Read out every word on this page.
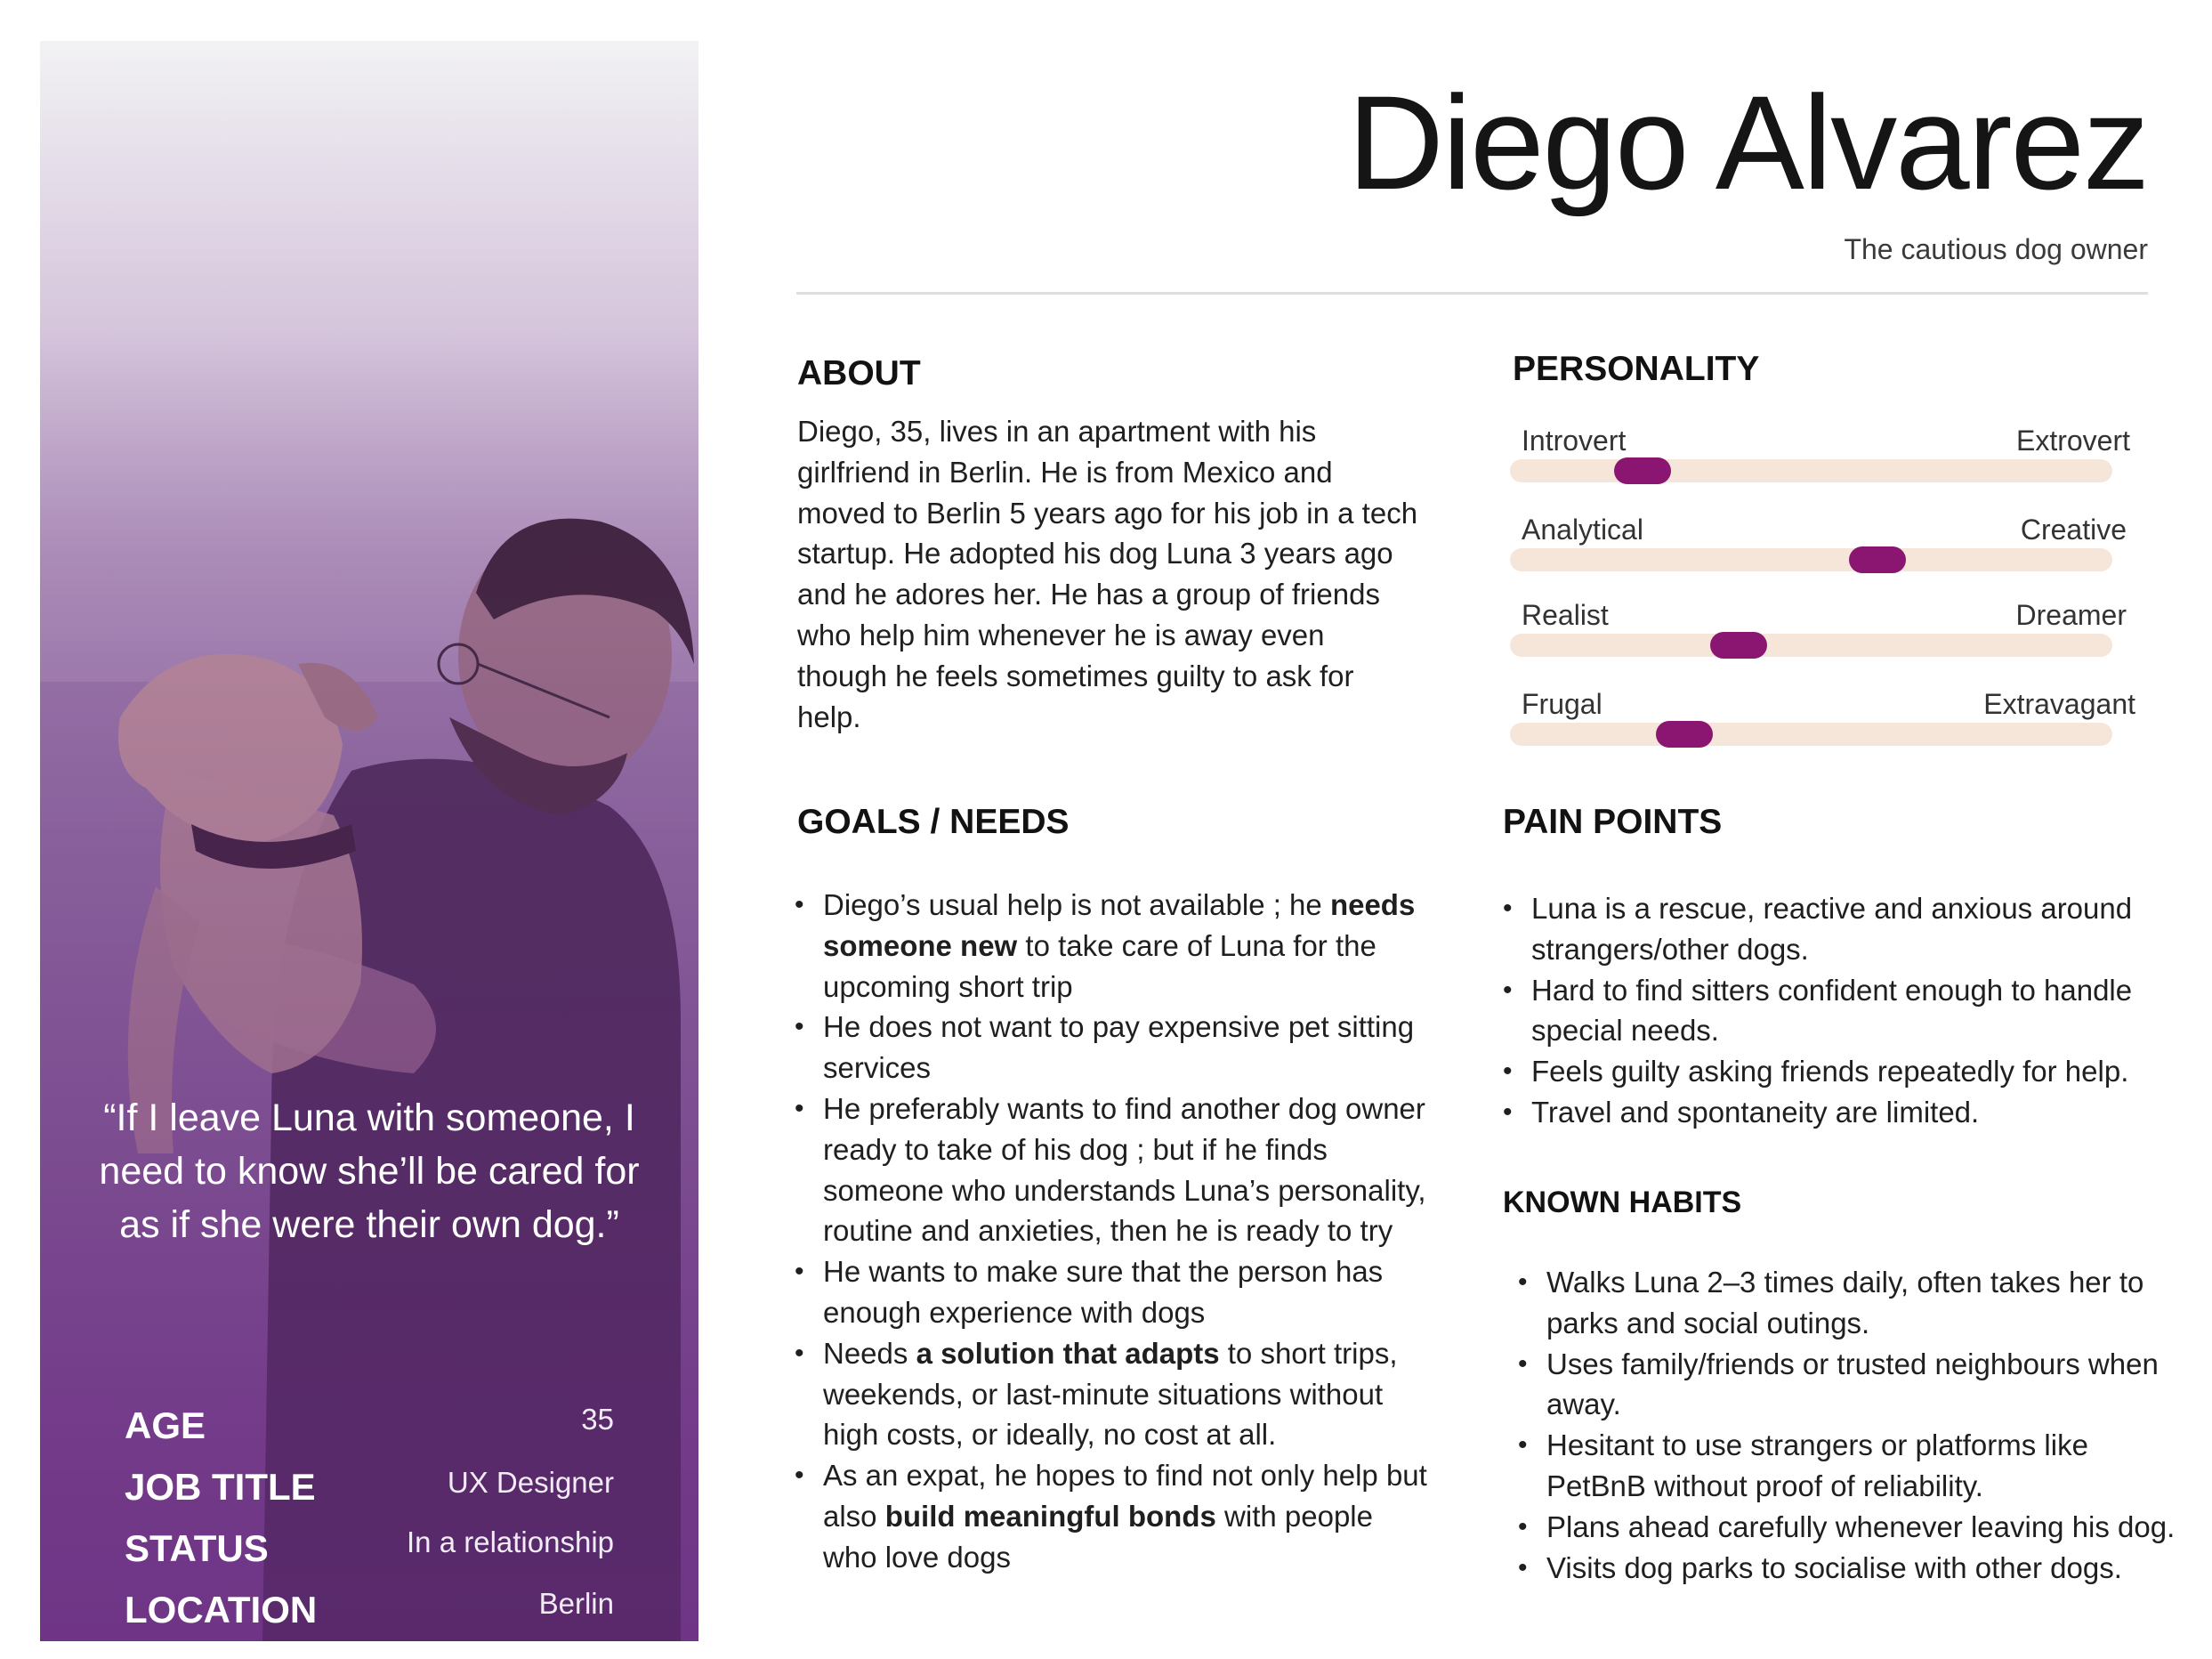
“If I leave Luna with someone, I need to know she’ll be cared for as if she were their own dog.”
AGE	35
JOB TITLE	UX Designer
STATUS	In a relationship
LOCATION	Berlin
Diego Alvarez
The cautious dog owner
ABOUT
Diego, 35, lives in an apartment with his girlfriend in Berlin. He is from Mexico and moved to Berlin 5 years ago for his job in a tech startup. He adopted his dog Luna 3 years ago and he adores her. He has a group of friends who help him whenever he is away even though he feels sometimes guilty to ask for help.
GOALS / NEEDS
• Diego’s usual help is not available ; he needs someone new to take care of Luna for the upcoming short trip
• He does not want to pay expensive pet sitting services
• He preferably wants to find another dog owner ready to take of his dog ; but if he finds someone who understands Luna’s personality, routine and anxieties, then he is ready to try
• He wants to make sure that the person has enough experience with dogs
• Needs a solution that adapts to short trips, weekends, or last-minute situations without high costs, or ideally, no cost at all.
• As an expat, he hopes to find not only help but also build meaningful bonds with people who love dogs
PERSONALITY
Introvert	Extrovert
Analytical	Creative
Realist	Dreamer
Frugal	Extravagant
PAIN POINTS
• Luna is a rescue, reactive and anxious around strangers/other dogs.
• Hard to find sitters confident enough to handle special needs.
• Feels guilty asking friends repeatedly for help.
• Travel and spontaneity are limited.
KNOWN HABITS
• Walks Luna 2–3 times daily, often takes her to parks and social outings.
• Uses family/friends or trusted neighbours when away.
• Hesitant to use strangers or platforms like PetBnB without proof of reliability.
• Plans ahead carefully whenever leaving his dog.
• Visits dog parks to socialise with other dogs.
